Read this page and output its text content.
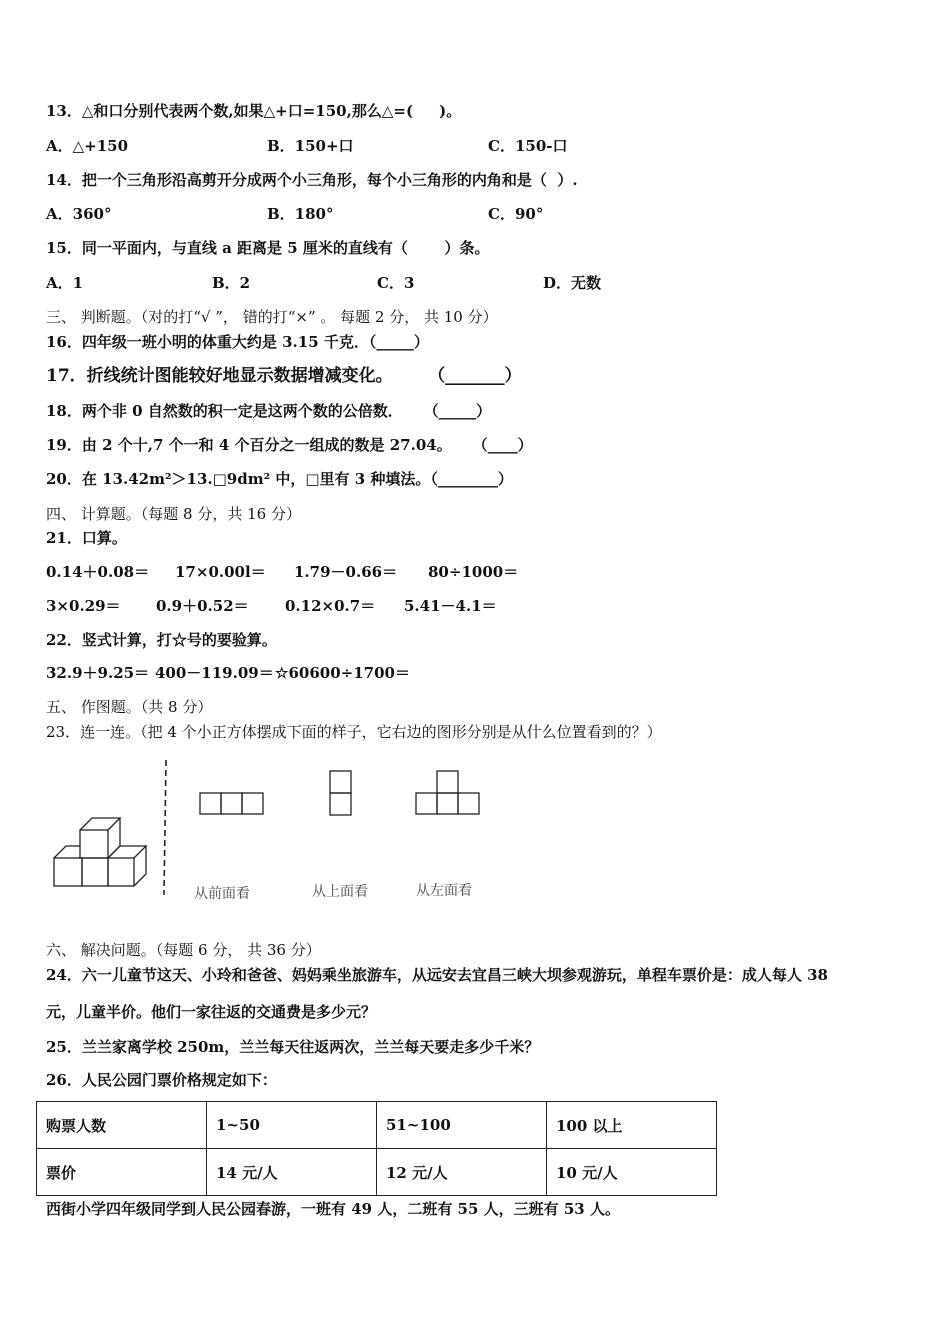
13．△和口分别代表两个数,如果△+口=150,那么△=(     )。
A．△+150	B．150+口	C．150-口
14．把一个三角形沿高剪开分成两个小三角形，每个小三角形的内角和是（  ）.
A．360°	B．180°	C．90°
15．同一平面内，与直线 a 距离是 5 厘米的直线有（       ）条。
A．1	B．2	C．3	D．无数
三、 判断题。（对的打“√ ”， 错的打“×” 。 每题 2 分， 共 10 分）
16．四年级一班小明的体重大约是 3.15 千克．（_____）
17．折线统计图能较好地显示数据增减变化。      （_______）
18．两个非 0 自然数的积一定是这两个数的公倍数．    （_____）
19．由 2 个十,7 个一和 4 个百分之一组成的数是 27.04。    （____）
20．在 13.42m²＞13.□9dm² 中，□里有 3 种填法。（________）
四、 计算题。（每题 8 分，共 16 分）
21．口算。
0.14＋0.08＝ 17×0.00l＝ 1.79－0.66＝ 80÷1000＝
3×0.29＝ 0.9＋0.52＝ 0.12×0.7＝ 5.41－4.1＝
22．竖式计算，打☆号的要验算。
32.9＋9.25＝ 400－119.09＝ ☆60600÷1700＝
五、 作图题。（共 8 分）
23．连一连。（把 4 个小正方体摆成下面的样子，它右边的图形分别是从什么位置看到的？）
从前面看	从上面看	从左面看
六、 解决问题。（每题 6 分， 共 36 分）
24．六一儿童节这天、小玲和爸爸、妈妈乘坐旅游车，从远安去宜昌三峡大坝参观游玩，单程车票价是：成人每人 38
元，儿童半价。他们一家往返的交通费是多少元？
25．兰兰家离学校 250m，兰兰每天往返两次，兰兰每天要走多少千米？
26．人民公园门票价格规定如下：
购票人数	1~50	51~100	100 以上
票价	14 元/人	12 元/人	10 元/人
西街小学四年级同学到人民公园春游，一班有 49 人，二班有 55 人，三班有 53 人。
